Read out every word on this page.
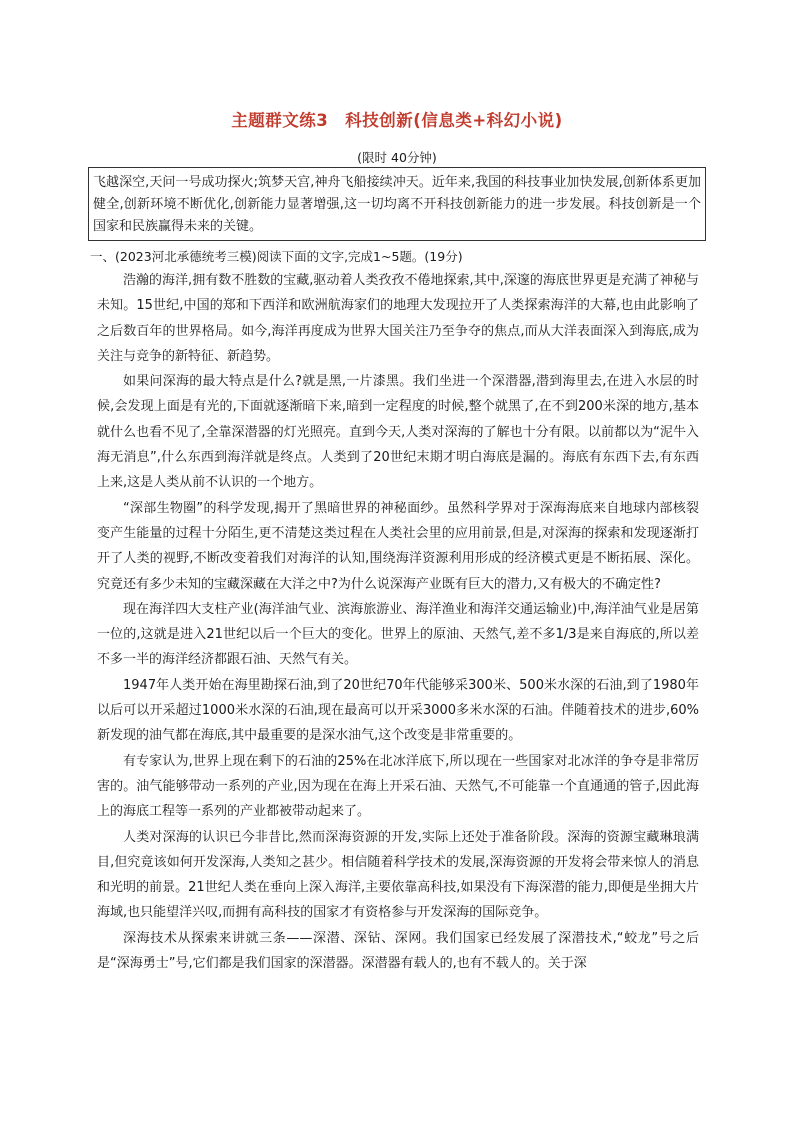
主题群文练3　科技创新(信息类+科幻小说)
(限时 40分钟)
飞越深空,天问一号成功探火;筑梦天宫,神舟飞船接续冲天。近年来,我国的科技事业加快发展,创新体系更加健全,创新环境不断优化,创新能力显著增强,这一切均离不开科技创新能力的进一步发展。科技创新是一个国家和民族赢得未来的关键。
一、(2023河北承德统考三模)阅读下面的文字,完成1~5题。(19分)

浩瀚的海洋,拥有数不胜数的宝藏,驱动着人类孜孜不倦地探索,其中,深邃的海底世界更是充满了神秘与未知。15世纪,中国的郑和下西洋和欧洲航海家们的地理大发现拉开了人类探索海洋的大幕,也由此影响了之后数百年的世界格局。如今,海洋再度成为世界大国关注乃至争夺的焦点,而从大洋表面深入到海底,成为关注与竞争的新特征、新趋势。

如果问深海的最大特点是什么?就是黑,一片漆黑。我们坐进一个深潜器,潜到海里去,在进入水层的时候,会发现上面是有光的,下面就逐渐暗下来,暗到一定程度的时候,整个就黑了,在不到200米深的地方,基本就什么也看不见了,全靠深潜器的灯光照亮。直到今天,人类对深海的了解也十分有限。以前都以为“泥牛入海无消息”,什么东西到海洋就是终点。人类到了20世纪末期才明白海底是漏的。海底有东西下去,有东西上来,这是人类从前不认识的一个地方。

“深部生物圈”的科学发现,揭开了黑暗世界的神秘面纱。虽然科学界对于深海海底来自地球内部核裂变产生能量的过程十分陌生,更不清楚这类过程在人类社会里的应用前景,但是,对深海的探索和发现逐渐打开了人类的视野,不断改变着我们对海洋的认知,围绕海洋资源利用形成的经济模式更是不断拓展、深化。究竟还有多少未知的宝藏深藏在大洋之中?为什么说深海产业既有巨大的潜力,又有极大的不确定性?

现在海洋四大支柱产业(海洋油气业、滨海旅游业、海洋渔业和海洋交通运输业)中,海洋油气业是居第一位的,这就是进入21世纪以后一个巨大的变化。世界上的原油、天然气,差不多1/3是来自海底的,所以差不多一半的海洋经济都跟石油、天然气有关。

1947年人类开始在海里勘探石油,到了20世纪70年代能够采300米、500米水深的石油,到了1980年以后可以开采超过1000米水深的石油,现在最高可以开采3000多米水深的石油。伴随着技术的进步,60%新发现的油气都在海底,其中最重要的是深水油气,这个改变是非常重要的。

有专家认为,世界上现在剩下的石油的25%在北冰洋底下,所以现在一些国家对北冰洋的争夺是非常厉害的。油气能够带动一系列的产业,因为现在在海上开采石油、天然气,不可能靠一个直通通的管子,因此海上的海底工程等一系列的产业都被带动起来了。

人类对深海的认识已今非昔比,然而深海资源的开发,实际上还处于准备阶段。深海的资源宝藏琳琅满目,但究竟该如何开发深海,人类知之甚少。相信随着科学技术的发展,深海资源的开发将会带来惊人的消息和光明的前景。21世纪人类在垂向上深入海洋,主要依靠高科技,如果没有下海深潜的能力,即便是坐拥大片海域,也只能望洋兴叹,而拥有高科技的国家才有资格参与开发深海的国际竞争。

深海技术从探索来讲就三条——深潜、深钻、深网。我们国家已经发展了深潜技术,“蛟龙”号之后是“深海勇士”号,它们都是我们国家的深潜器。深潜器有载人的,也有不载人的。关于深
